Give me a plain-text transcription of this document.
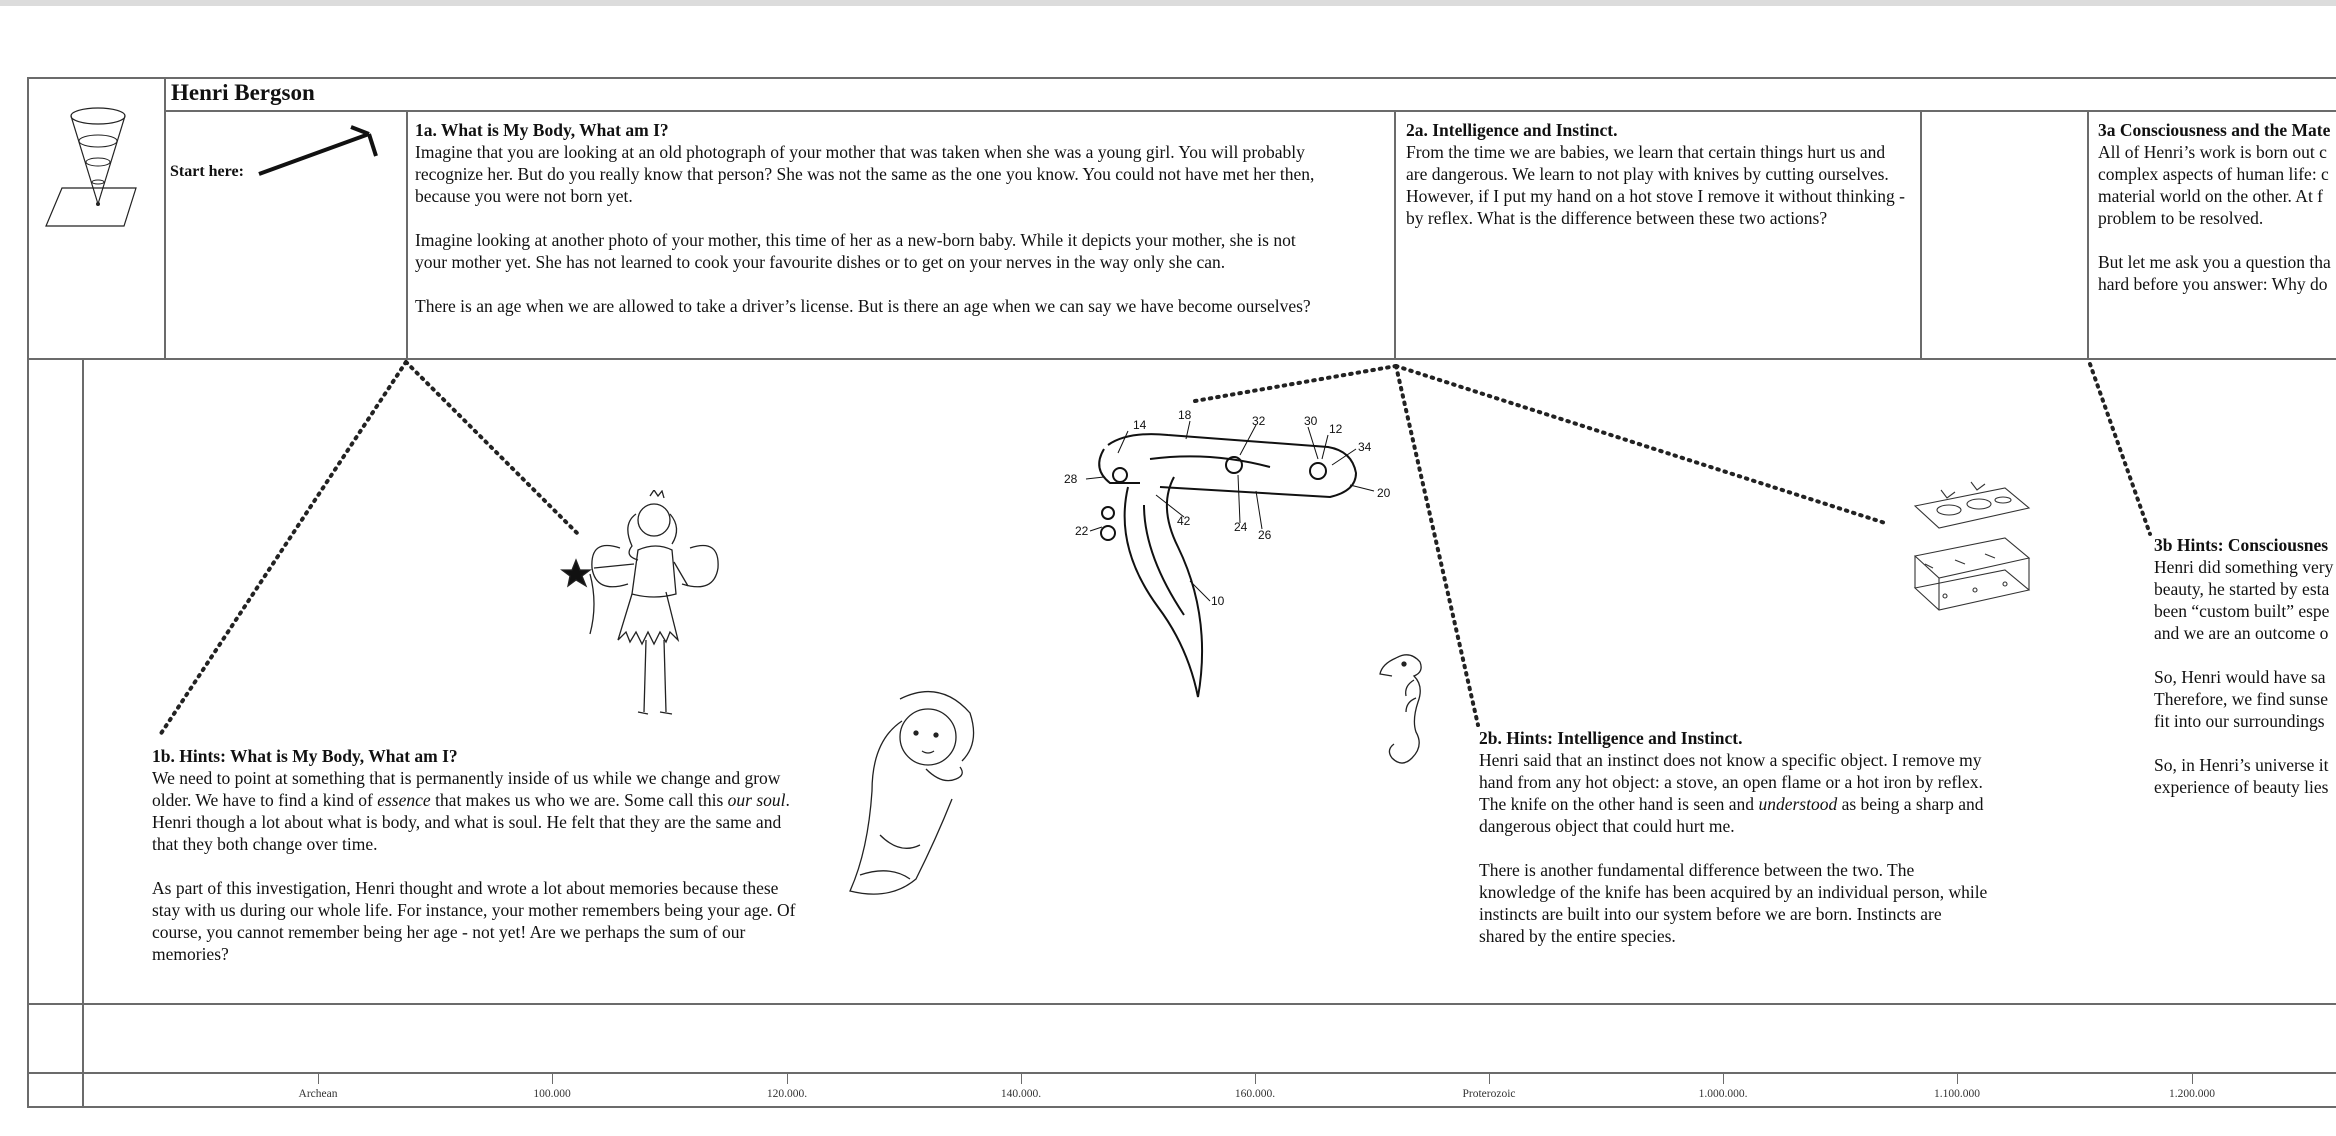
Henri Bergson
Start here:
1a. What is My Body, What am I?

Imagine that you are looking at an old photograph of your mother that was taken when she was a young girl. You will probably recognize her. But do you really know that person? She was not the same as the one you know. You could not have met her then, because you were not born yet.

Imagine looking at another photo of your mother, this time of her as a new-born baby. While it depicts your mother, she is not your mother yet. She has not learned to cook your favourite dishes or to get on your nerves in the way only she can.

There is an age when we are allowed to take a driver’s license. But is there an age when we can say we have become ourselves?

2a. Intelligence and Instinct.

From the time we are babies, we learn that certain things hurt us and are dangerous. We learn to not play with knives by cutting ourselves. However, if I put my hand on a hot stove I remove it without thinking - by reflex. What is the difference between these two actions?

3a Consciousness and the Mate
All of Henri’s work is born out c
complex aspects of human life: c
material world on the other. At f
problem to be resolved.
But let me ask you a question tha
hard before you answer: Why do
14
18	32	30
12
34
28
20
42	24
26
22
10
1b. Hints: What is My Body, What am I?

We need to point at something that is permanently inside of us while we change and grow older. We have to find a kind of essence that makes us who we are. Some call this our soul. Henri though a lot about what is body, and what is soul. He felt that they are the same and that they both change over time.

As part of this investigation, Henri thought and wrote a lot about memories because these stay with us during our whole life. For instance, your mother remembers being your age. Of course, you cannot remember being her age - not yet! Are we perhaps the sum of our memories?

2b. Hints: Intelligence and Instinct.

Henri said that an instinct does not know a specific object. I remove my hand from any hot object: a stove, an open flame or a hot iron by reflex. The knife on the other hand is seen and understood as being a sharp and dangerous object that could hurt me.

There is another fundamental difference between the two. The knowledge of the knife has been acquired by an individual person, while instincts are built into our system before we are born. Instincts are shared by the entire species.

3b Hints: Consciousnes
Henri did something very
beauty, he started by esta
been “custom built” espe
and we are an outcome o
So, Henri would have sa
Therefore, we find sunse
fit into our surroundings
So, in Henri’s universe it
experience of beauty lies
Archean	100.000	120.000.	140.000.	160.000.	Proterozoic	1.000.000.	1.100.000	1.200.000
